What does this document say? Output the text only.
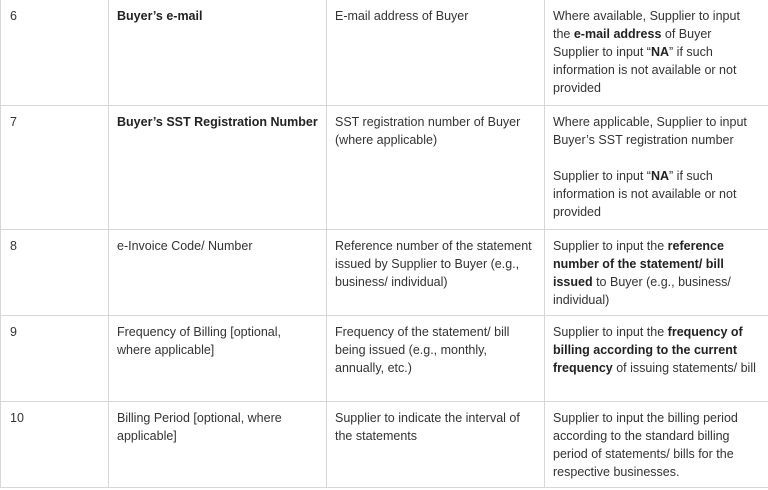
6	Buyer’s e-mail	E-mail address of Buyer	Where available, Supplier to input the e-mail address of Buyer Supplier to input “NA” if such information is not available or not provided
7	Buyer’s SST Registration Number	SST registration number of Buyer (where applicable)	Where applicable, Supplier to input Buyer’s SST registration number
Supplier to input “NA” if such information is not available or not provided
8	e-Invoice Code/ Number	Reference number of the statement issued by Supplier to Buyer (e.g., business/ individual)	Supplier to input the reference number of the statement/ bill issued to Buyer (e.g., business/ individual)
9	Frequency of Billing [optional, where applicable]	Frequency of the statement/ bill being issued (e.g., monthly, annually, etc.)	Supplier to input the frequency of billing according to the current frequency of issuing statements/ bill
10	Billing Period [optional, where applicable]	Supplier to indicate the interval of the statements	Supplier to input the billing period according to the standard billing period of statements/ bills for the respective businesses.
